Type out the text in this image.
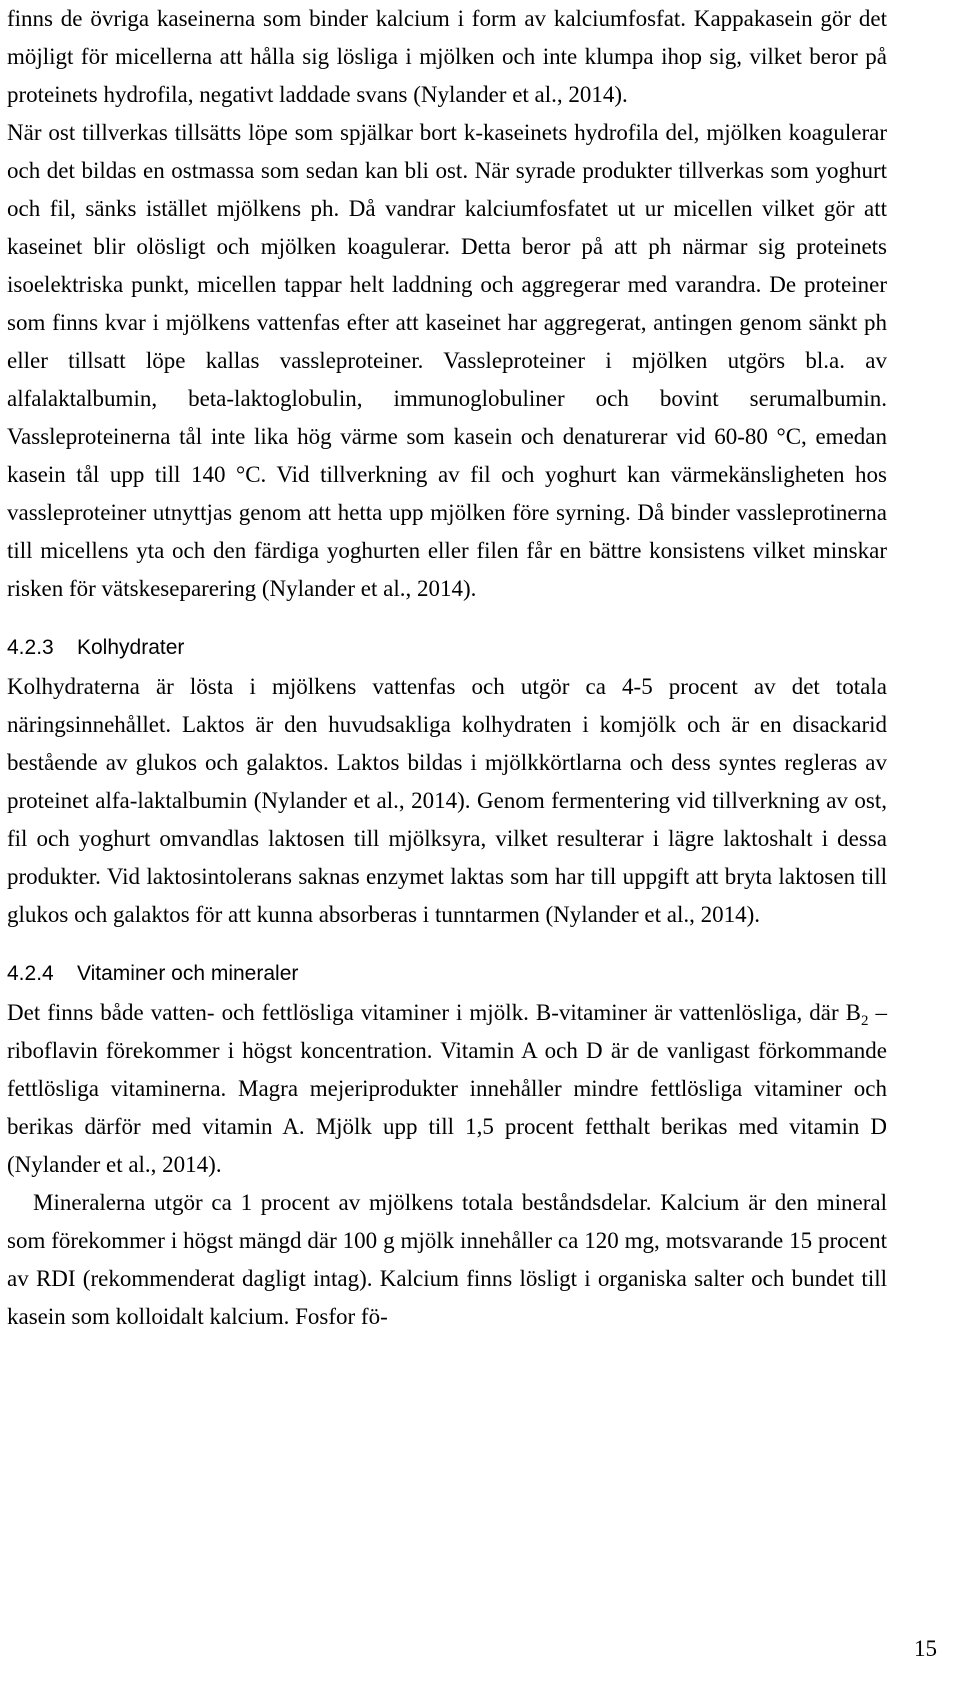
finns de övriga kaseinerna som binder kalcium i form av kalciumfosfat. Kappakasein gör det möjligt för micellerna att hålla sig lösliga i mjölken och inte klumpa ihop sig, vilket beror på proteinets hydrofila, negativt laddade svans (Nylander et al., 2014).

När ost tillverkas tillsätts löpe som spjälkar bort k-kaseinets hydrofila del, mjölken koagulerar och det bildas en ostmassa som sedan kan bli ost. När syrade produkter tillverkas som yoghurt och fil, sänks istället mjölkens ph. Då vandrar kalciumfosfatet ut ur micellen vilket gör att kaseinet blir olösligt och mjölken koagulerar. Detta beror på att ph närmar sig proteinets isoelektriska punkt, micellen tappar helt laddning och aggregerar med varandra. De proteiner som finns kvar i mjölkens vattenfas efter att kaseinet har aggregerat, antingen genom sänkt ph eller tillsatt löpe kallas vassleproteiner. Vassleproteiner i mjölken utgörs bl.a. av alfalaktalbumin, beta-laktoglobulin, immunoglobuliner och bovint serumalbumin. Vassleproteinerna tål inte lika hög värme som kasein och denaturerar vid 60-80 °C, emedan kasein tål upp till 140 °C. Vid tillverkning av fil och yoghurt kan värmekänsligheten hos vassleproteiner utnyttjas genom att hetta upp mjölken före syrning. Då binder vassleprotinerna till micellens yta och den färdiga yoghurten eller filen får en bättre konsistens vilket minskar risken för vätskeseparering (Nylander et al., 2014).

4.2.3 Kolhydrater

Kolhydraterna är lösta i mjölkens vattenfas och utgör ca 4-5 procent av det totala näringsinnehållet. Laktos är den huvudsakliga kolhydraten i komjölk och är en disackarid bestående av glukos och galaktos. Laktos bildas i mjölkkörtlarna och dess syntes regleras av proteinet alfa-laktalbumin (Nylander et al., 2014). Genom fermentering vid tillverkning av ost, fil och yoghurt omvandlas laktosen till mjölksyra, vilket resulterar i lägre laktoshalt i dessa produkter. Vid laktosintolerans saknas enzymet laktas som har till uppgift att bryta laktosen till glukos och galaktos för att kunna absorberas i tunntarmen (Nylander et al., 2014).

4.2.4 Vitaminer och mineraler

Det finns både vatten- och fettlösliga vitaminer i mjölk. B-vitaminer är vattenlösliga, där $B_2$ – riboflavin förekommer i högst koncentration. Vitamin A och D är de vanligast förkommande fettlösliga vitaminerna. Magra mejeriprodukter innehåller mindre fettlösliga vitaminer och berikas därför med vitamin A. Mjölk upp till 1,5 procent fetthalt berikas med vitamin D (Nylander et al., 2014).

Mineralerna utgör ca 1 procent av mjölkens totala beståndsdelar. Kalcium är den mineral som förekommer i högst mängd där 100 g mjölk innehåller ca 120 mg, motsvarande 15 procent av RDI (rekommenderat dagligt intag). Kalcium finns lösligt i organiska salter och bundet till kasein som kolloidalt kalcium. Fosfor fö-

15
